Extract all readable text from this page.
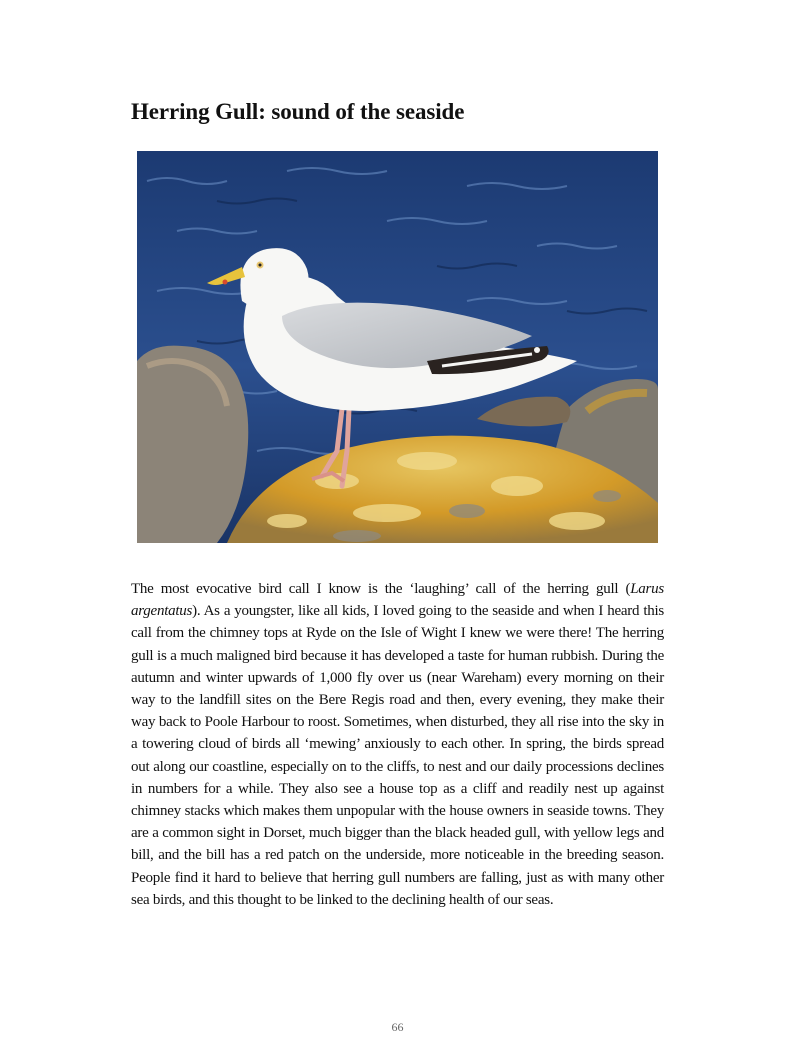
Herring Gull: sound of the seaside

The most evocative bird call I know is the ‘laughing’ call of the herring gull (Larus argentatus). As a youngster, like all kids, I loved going to the seaside and when I heard this call from the chimney tops at Ryde on the Isle of Wight I knew we were there! The herring gull is a much maligned bird because it has developed a taste for human rubbish. During the autumn and winter upwards of 1,000 fly over us (near Wareham) every morning on their way to the landfill sites on the Bere Regis road and then, every evening, they make their way back to Poole Harbour to roost. Sometimes, when disturbed, they all rise into the sky in a towering cloud of birds all ‘mewing’ anxiously to each other. In spring, the birds spread out along our coastline, especially on to the cliffs, to nest and our daily processions declines in numbers for a while. They also see a house top as a cliff and readily nest up against chimney stacks which makes them unpopular with the house owners in seaside towns. They are a common sight in Dorset, much bigger than the black headed gull, with yellow legs and bill, and the bill has a red patch on the underside, more noticeable in the breeding season. People find it hard to believe that herring gull numbers are falling, just as with many other sea birds, and this thought to be linked to the declining health of our seas.

66
